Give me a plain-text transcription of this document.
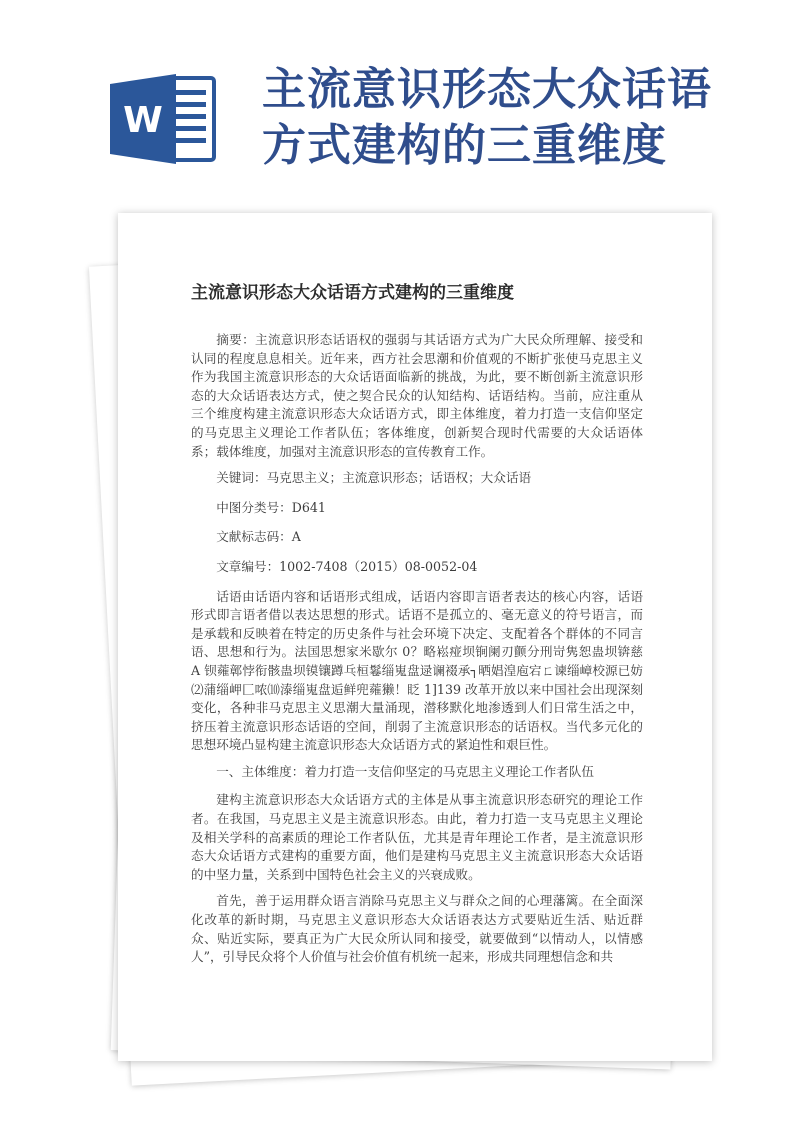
W
主流意识形态大众话语
方式建构的三重维度
主流意识形态大众话语方式建构的三重维度

摘要：主流意识形态话语权的强弱与其话语方式为广大民众所理解、接受和认同的程度息息相关。近年来，西方社会思潮和价值观的不断扩张使马克思主义作为我国主流意识形态的大众话语面临新的挑战，为此，要不断创新主流意识形态的大众话语表达方式，使之契合民众的认知结构、话语结构。当前，应注重从三个维度构建主流意识形态大众话语方式，即主体维度，着力打造一支信仰坚定的马克思主义理论工作者队伍；客体维度，创新契合现时代需要的大众话语体系；载体维度，加强对主流意识形态的宣传教育工作。

关键词：马克思主义；主流意识形态；话语权；大众话语

中图分类号：D641

文献标志码：A

文章编号：1002-7408（2015）08-0052-04

话语由话语内容和话语形式组成，话语内容即言语者表达的核心内容，话语形式即言语者借以表达思想的形式。话语不是孤立的、毫无意义的符号语言，而是承载和反映着在特定的历史条件与社会环境下决定、支配着各个群体的不同言语、思想和行为。法国思想家米歇尔 0？略崧痖坝锏阑刃颤分刑岢隽恕蛊坝锛慈 A 钡蕹鄣悖衔骸蛊坝镆镶蹲乓桓鬈缁嵬盘逯谰裰承┐晒娼湟庖宕ㄈ谏缁嶂校源已妨⑵蒲缁岬匚哝⑽溙缁嵬盘逅鲜兜蕹獭！眨 1]139 改革开放以来中国社会出现深刻变化，各种非马克思主义思潮大量涌现，潜移默化地渗透到人们日常生活之中，挤压着主流意识形态话语的空间，削弱了主流意识形态的话语权。当代多元化的思想环境凸显构建主流意识形态大众话语方式的紧迫性和艰巨性。

一、主体维度：着力打造一支信仰坚定的马克思主义理论工作者队伍

建构主流意识形态大众话语方式的主体是从事主流意识形态研究的理论工作者。在我国，马克思主义是主流意识形态。由此，着力打造一支马克思主义理论及相关学科的高素质的理论工作者队伍，尤其是青年理论工作者，是主流意识形态大众话语方式建构的重要方面，他们是建构马克思主义主流意识形态大众话语的中坚力量，关系到中国特色社会主义的兴衰成败。

首先，善于运用群众语言消除马克思主义与群众之间的心理藩篱。在全面深化改革的新时期，马克思主义意识形态大众话语表达方式要贴近生活、贴近群众、贴近实际，要真正为广大民众所认同和接受，就要做到“以情动人，以情感人”，引导民众将个人价值与社会价值有机统一起来，形成共同理想信念和共
